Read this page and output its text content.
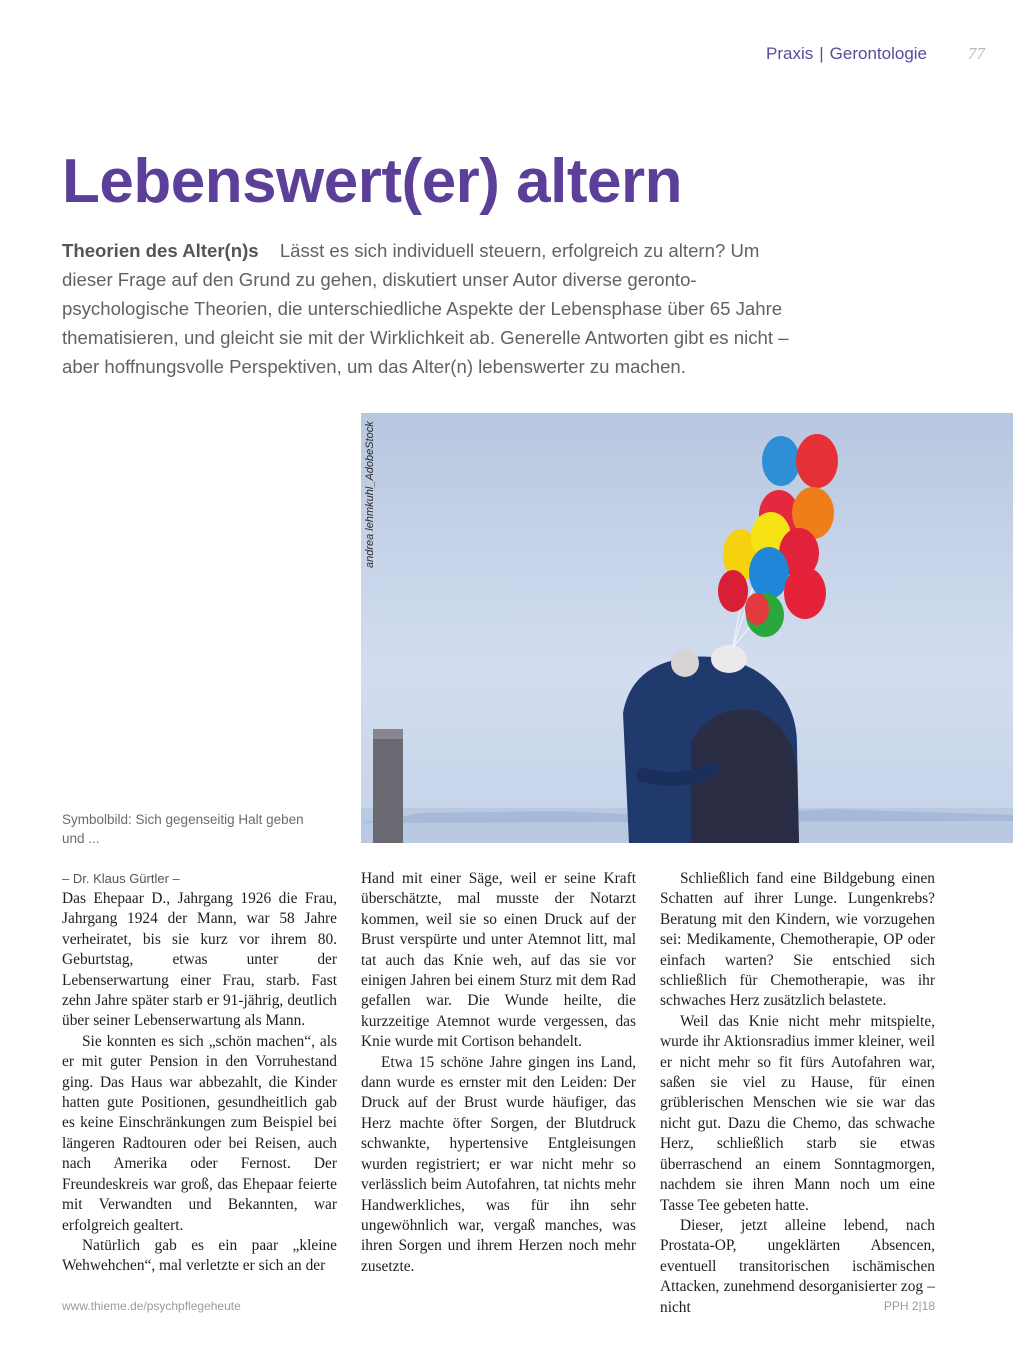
Praxis | Gerontologie 77
Lebenswert(er) altern
Theorien des Alter(n)s Lässt es sich individuell steuern, erfolgreich zu altern? Um dieser Frage auf den Grund zu gehen, diskutiert unser Autor diverse geronto-psychologische Theorien, die unterschiedliche Aspekte der Lebensphase über 65 Jahre thematisieren, und gleicht sie mit der Wirklichkeit ab. Generelle Antworten gibt es nicht – aber hoffnungsvolle Perspektiven, um das Alter(n) lebenswerter zu machen.
andrea lehmkuhl_AdobeStock
Symbolbild: Sich gegenseitig Halt geben und ...
– Dr. Klaus Gürtler –

Das Ehepaar D., Jahrgang 1926 die Frau, Jahrgang 1924 der Mann, war 58 Jahre verheiratet, bis sie kurz vor ihrem 80. Geburtstag, etwas unter der Lebenserwartung einer Frau, starb. Fast zehn Jahre später starb er 91-jährig, deutlich über seiner Lebenserwartung als Mann.

Sie konnten es sich „schön machen“, als er mit guter Pension in den Vorruhestand ging. Das Haus war abbezahlt, die Kinder hatten gute Positionen, gesundheitlich gab es keine Einschränkungen zum Beispiel bei längeren Radtouren oder bei Reisen, auch nach Amerika oder Fernost. Der Freundeskreis war groß, das Ehepaar feierte mit Verwandten und Bekannten, war erfolgreich gealtert.

Natürlich gab es ein paar „kleine Wehwehchen“, mal verletzte er sich an der

Hand mit einer Säge, weil er seine Kraft überschätzte, mal musste der Notarzt kommen, weil sie so einen Druck auf der Brust verspürte und unter Atemnot litt, mal tat auch das Knie weh, auf das sie vor einigen Jahren bei einem Sturz mit dem Rad gefallen war. Die Wunde heilte, die kurzzeitige Atemnot wurde vergessen, das Knie wurde mit Cortison behandelt.

Etwa 15 schöne Jahre gingen ins Land, dann wurde es ernster mit den Leiden: Der Druck auf der Brust wurde häufiger, das Herz machte öfter Sorgen, der Blutdruck schwankte, hypertensive Entgleisungen wurden registriert; er war nicht mehr so verlässlich beim Autofahren, tat nichts mehr Handwerkliches, was für ihn sehr ungewöhnlich war, vergaß manches, was ihren Sorgen und ihrem Herzen noch mehr zusetzte.

Schließlich fand eine Bildgebung einen Schatten auf ihrer Lunge. Lungenkrebs? Beratung mit den Kindern, wie vorzugehen sei: Medikamente, Chemotherapie, OP oder einfach warten? Sie entschied sich schließlich für Chemotherapie, was ihr schwaches Herz zusätzlich belastete.

Weil das Knie nicht mehr mitspielte, wurde ihr Aktionsradius immer kleiner, weil er nicht mehr so fit fürs Autofahren war, saßen sie viel zu Hause, für einen grüblerischen Menschen wie sie war das nicht gut. Dazu die Chemo, das schwache Herz, schließlich starb sie etwas überraschend an einem Sonntagmorgen, nachdem sie ihren Mann noch um eine Tasse Tee gebeten hatte.

Dieser, jetzt alleine lebend, nach Prostata-OP, ungeklärten Absencen, eventuell transitorischen ischämischen Attacken, zunehmend desorganisierter zog – nicht

www.thieme.de/psychpflegeheute	PPH 2|18
